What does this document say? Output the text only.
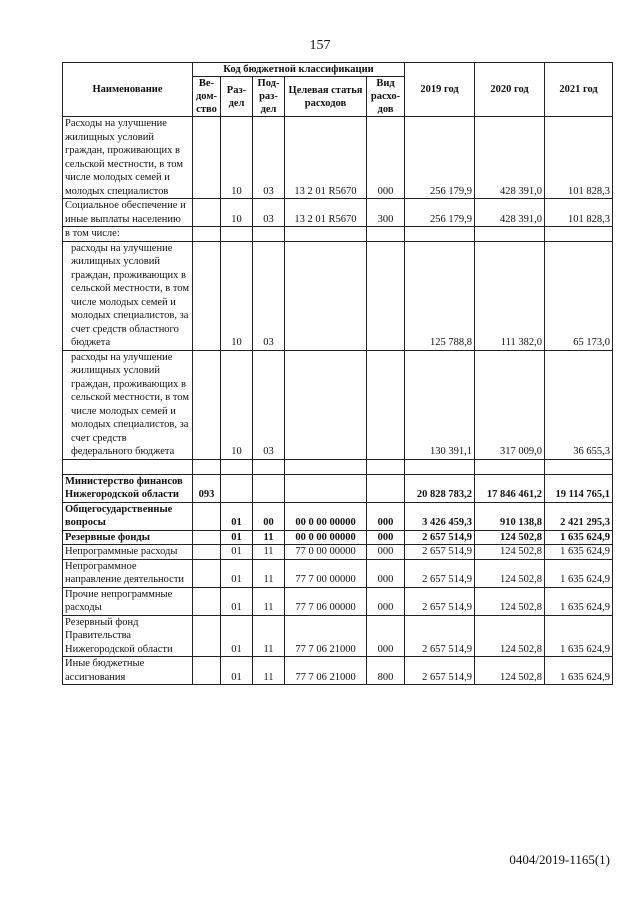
157
Наименование	Код бюджетной классификации					2019 год	2020 год	2021 год
	Ве-дом-ство	Раз-дел	Под-раз-дел	Целевая статья расходов	Вид расхо-дов			
Расходы на улучшение жилищных условий граждан, проживающих в сельской местности, в том числе молодых семей и молодых специалистов		10	03	13 2 01 R5670	000	256 179,9	428 391,0	101 828,3
Социальное обеспечение и иные выплаты населению		10	03	13 2 01 R5670	300	256 179,9	428 391,0	101 828,3
в том числе:								
расходы на улучшение жилищных условий граждан, проживающих в сельской местности, в том числе молодых семей и молодых специалистов, за счет средств областного бюджета		10	03			125 788,8	111 382,0	65 173,0
расходы на улучшение жилищных условий граждан, проживающих в сельской местности, в том числе молодых семей и молодых специалистов, за счет средств федерального бюджета		10	03			130 391,1	317 009,0	36 655,3

Министерство финансов Нижегородской области	093					20 828 783,2	17 846 461,2	19 114 765,1
Общегосударственные вопросы		01	00	00 0 00 00000	000	3 426 459,3	910 138,8	2 421 295,3
Резервные фонды		01	11	00 0 00 00000	000	2 657 514,9	124 502,8	1 635 624,9
Непрограммные расходы		01	11	77 0 00 00000	000	2 657 514,9	124 502,8	1 635 624,9
Непрограммное направление деятельности		01	11	77 7 00 00000	000	2 657 514,9	124 502,8	1 635 624,9
Прочие непрограммные расходы		01	11	77 7 06 00000	000	2 657 514,9	124 502,8	1 635 624,9
Резервный фонд Правительства Нижегородской области		01	11	77 7 06 21000	000	2 657 514,9	124 502,8	1 635 624,9
Иные бюджетные ассигнования		01	11	77 7 06 21000	800	2 657 514,9	124 502,8	1 635 624,9
0404/2019-1165(1)
